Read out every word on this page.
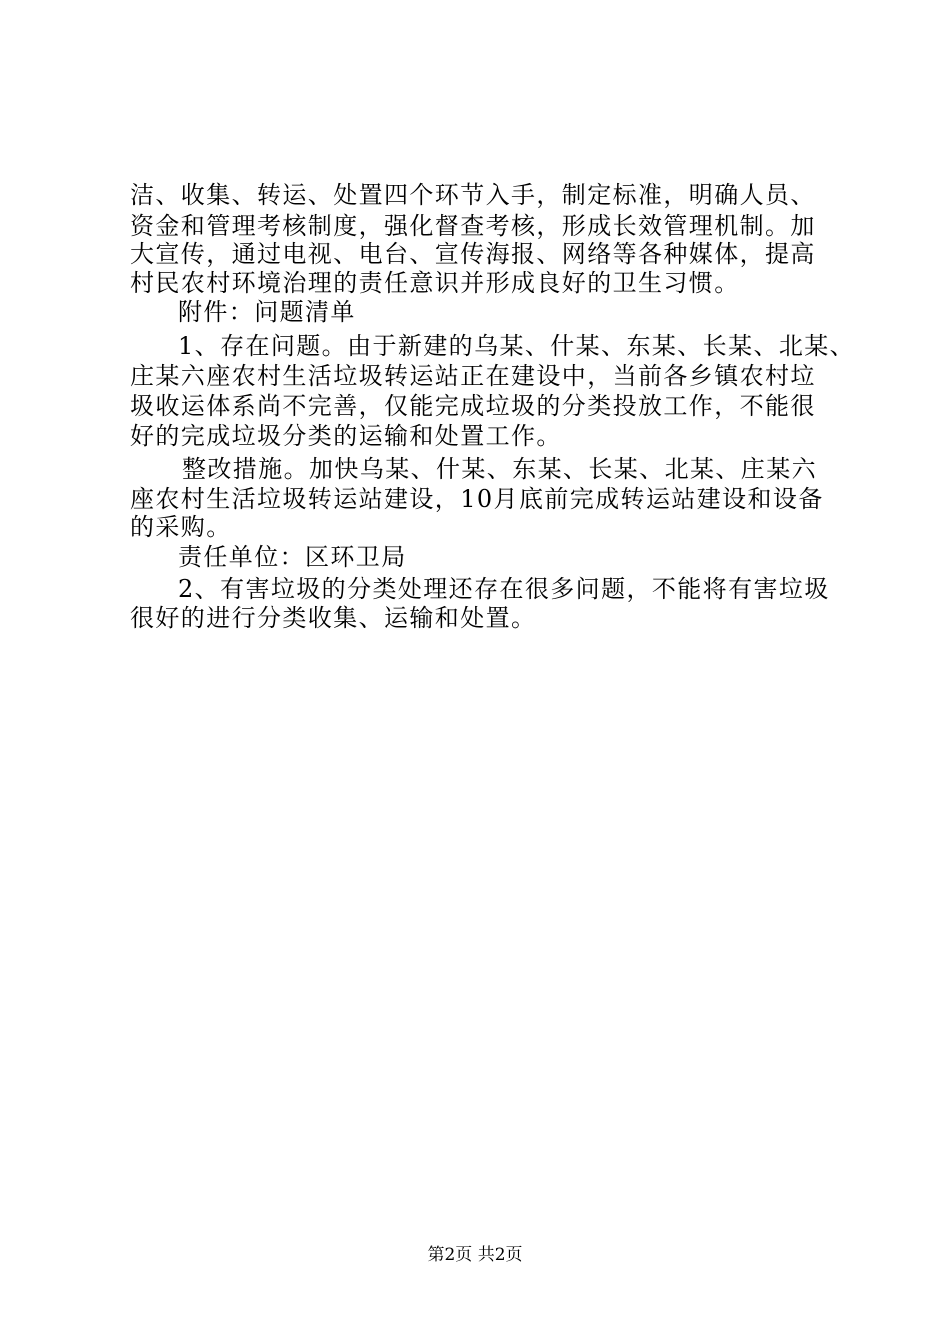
洁、收集、转运、处置四个环节入手，制定标准，明确人员、
资金和管理考核制度，强化督查考核，形成长效管理机制。加
大宣传，通过电视、电台、宣传海报、网络等各种媒体，提高
村民农村环境治理的责任意识并形成良好的卫生习惯。
附件：问题清单
1、存在问题。由于新建的乌某、什某、东某、长某、北某、
庄某六座农村生活垃圾转运站正在建设中，当前各乡镇农村垃
圾收运体系尚不完善，仅能完成垃圾的分类投放工作，不能很
好的完成垃圾分类的运输和处置工作。
整改措施。加快乌某、什某、东某、长某、北某、庄某六
座农村生活垃圾转运站建设，10月底前完成转运站建设和设备
的采购。
责任单位：区环卫局
2、有害垃圾的分类处理还存在很多问题，不能将有害垃圾
很好的进行分类收集、运输和处置。
第2页 共2页
